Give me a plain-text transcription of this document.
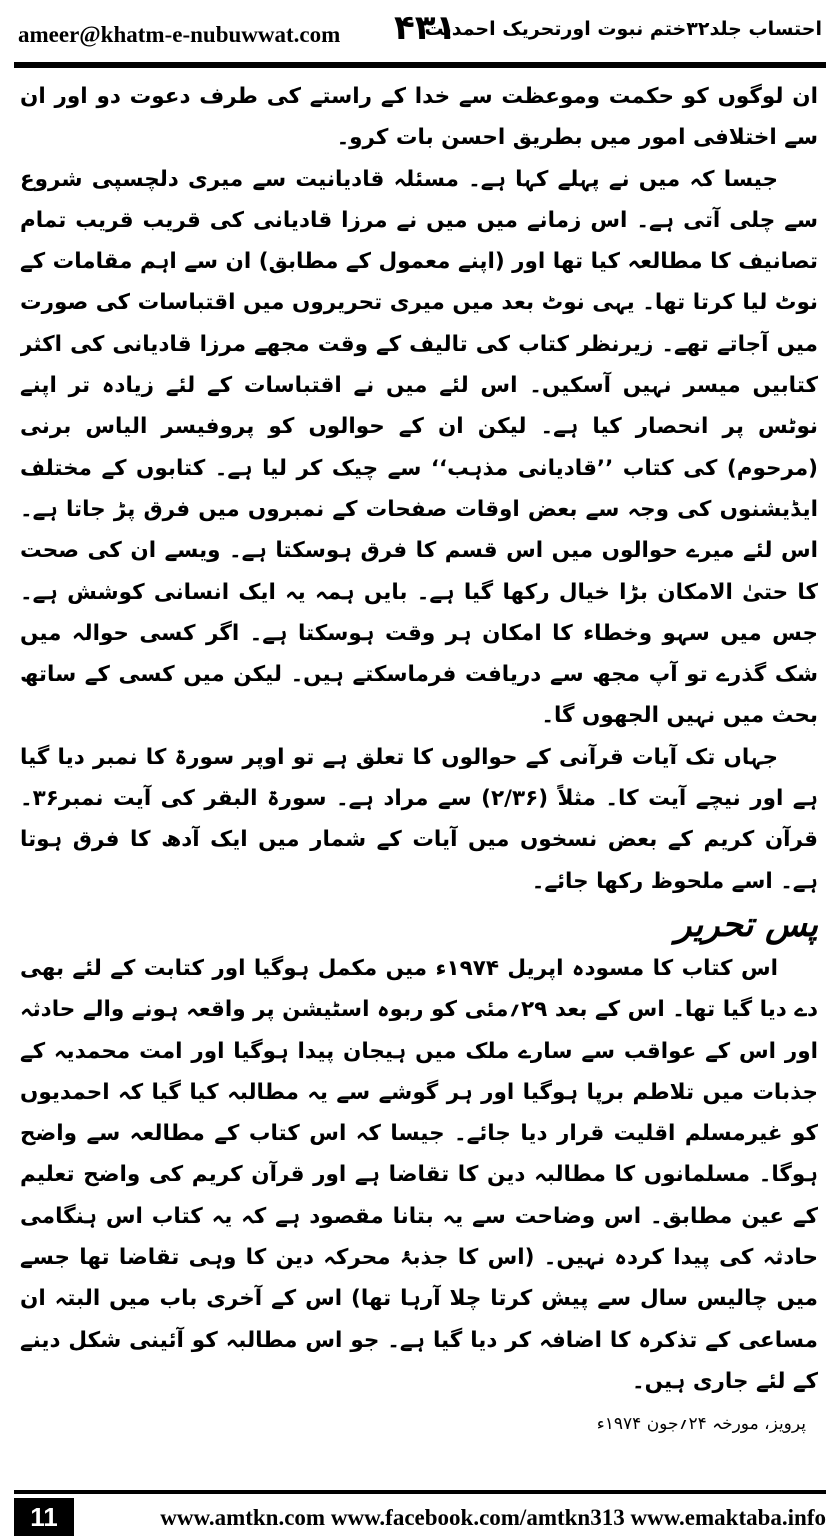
ameer@khatm-e-nubuwwat.com ۴۳۱
احتساب جلد۳۲ختم نبوت اورتحریک احمدیت

ان لوگوں کو حکمت وموعظت سے خدا کے راستے کی طرف دعوت دو اور ان سے اختلافی امور میں بطریق احسن بات کرو۔

جیسا کہ میں نے پہلے کہا ہے۔ مسئلہ قادیانیت سے میری دلچسپی شروع سے چلی آتی ہے۔ اس زمانے میں میں نے مرزا قادیانی کی قریب قریب تمام تصانیف کا مطالعہ کیا تھا اور (اپنے معمول کے مطابق) ان سے اہم مقامات کے نوٹ لیا کرتا تھا۔ یہی نوٹ بعد میں میری تحریروں میں اقتباسات کی صورت میں آجاتے تھے۔ زیرنظر کتاب کی تالیف کے وقت مجھے مرزا قادیانی کی اکثر کتابیں میسر نہیں آسکیں۔ اس لئے میں نے اقتباسات کے لئے زیادہ تر اپنے نوٹس پر انحصار کیا ہے۔ لیکن ان کے حوالوں کو پروفیسر الیاس برنی (مرحوم) کی کتاب ’’قادیانی مذہب‘‘ سے چیک کر لیا ہے۔ کتابوں کے مختلف ایڈیشنوں کی وجہ سے بعض اوقات صفحات کے نمبروں میں فرق پڑ جاتا ہے۔ اس لئے میرے حوالوں میں اس قسم کا فرق ہوسکتا ہے۔ ویسے ان کی صحت کا حتیٰ الامکان بڑا خیال رکھا گیا ہے۔ بایں ہمہ یہ ایک انسانی کوشش ہے۔ جس میں سہو وخطاء کا امکان ہر وقت ہوسکتا ہے۔ اگر کسی حوالہ میں شک گذرے تو آپ مجھ سے دریافت فرماسکتے ہیں۔ لیکن میں کسی کے ساتھ بحث میں نہیں الجھوں گا۔

جہاں تک آیات قرآنی کے حوالوں کا تعلق ہے تو اوپر سورۃ کا نمبر دیا گیا ہے اور نیچے آیت کا۔ مثلاً (۲/۳۶) سے مراد ہے۔ سورۃ البقر کی آیت نمبر۳۶۔ قرآن کریم کے بعض نسخوں میں آیات کے شمار میں ایک آدھ کا فرق ہوتا ہے۔ اسے ملحوظ رکھا جائے۔

پس تحریر

اس کتاب کا مسودہ اپریل ۱۹۷۴ء میں مکمل ہوگیا اور کتابت کے لئے بھی دے دیا گیا تھا۔ اس کے بعد ۲۹؍مئی کو ربوہ اسٹیشن پر واقعہ ہونے والے حادثہ اور اس کے عواقب سے سارے ملک میں ہیجان پیدا ہوگیا اور امت محمدیہ کے جذبات میں تلاطم برپا ہوگیا اور ہر گوشے سے یہ مطالبہ کیا گیا کہ احمدیوں کو غیرمسلم اقلیت قرار دیا جائے۔ جیسا کہ اس کتاب کے مطالعہ سے واضح ہوگا۔ مسلمانوں کا مطالبہ دین کا تقاضا ہے اور قرآن کریم کی واضح تعلیم کے عین مطابق۔ اس وضاحت سے یہ بتانا مقصود ہے کہ یہ کتاب اس ہنگامی حادثہ کی پیدا کردہ نہیں۔ (اس کا جذبۂ محرکہ دین کا وہی تقاضا تھا جسے میں چالیس سال سے پیش کرتا چلا آرہا تھا) اس کے آخری باب میں البتہ ان مساعی کے تذکرہ کا اضافہ کر دیا گیا ہے۔ جو اس مطالبہ کو آئینی شکل دینے کے لئے جاری ہیں۔

پرویز، مورخہ ۲۴؍جون ۱۹۷۴ء

11	www.amtkn.com www.facebook.com/amtkn313 www.emaktaba.info
